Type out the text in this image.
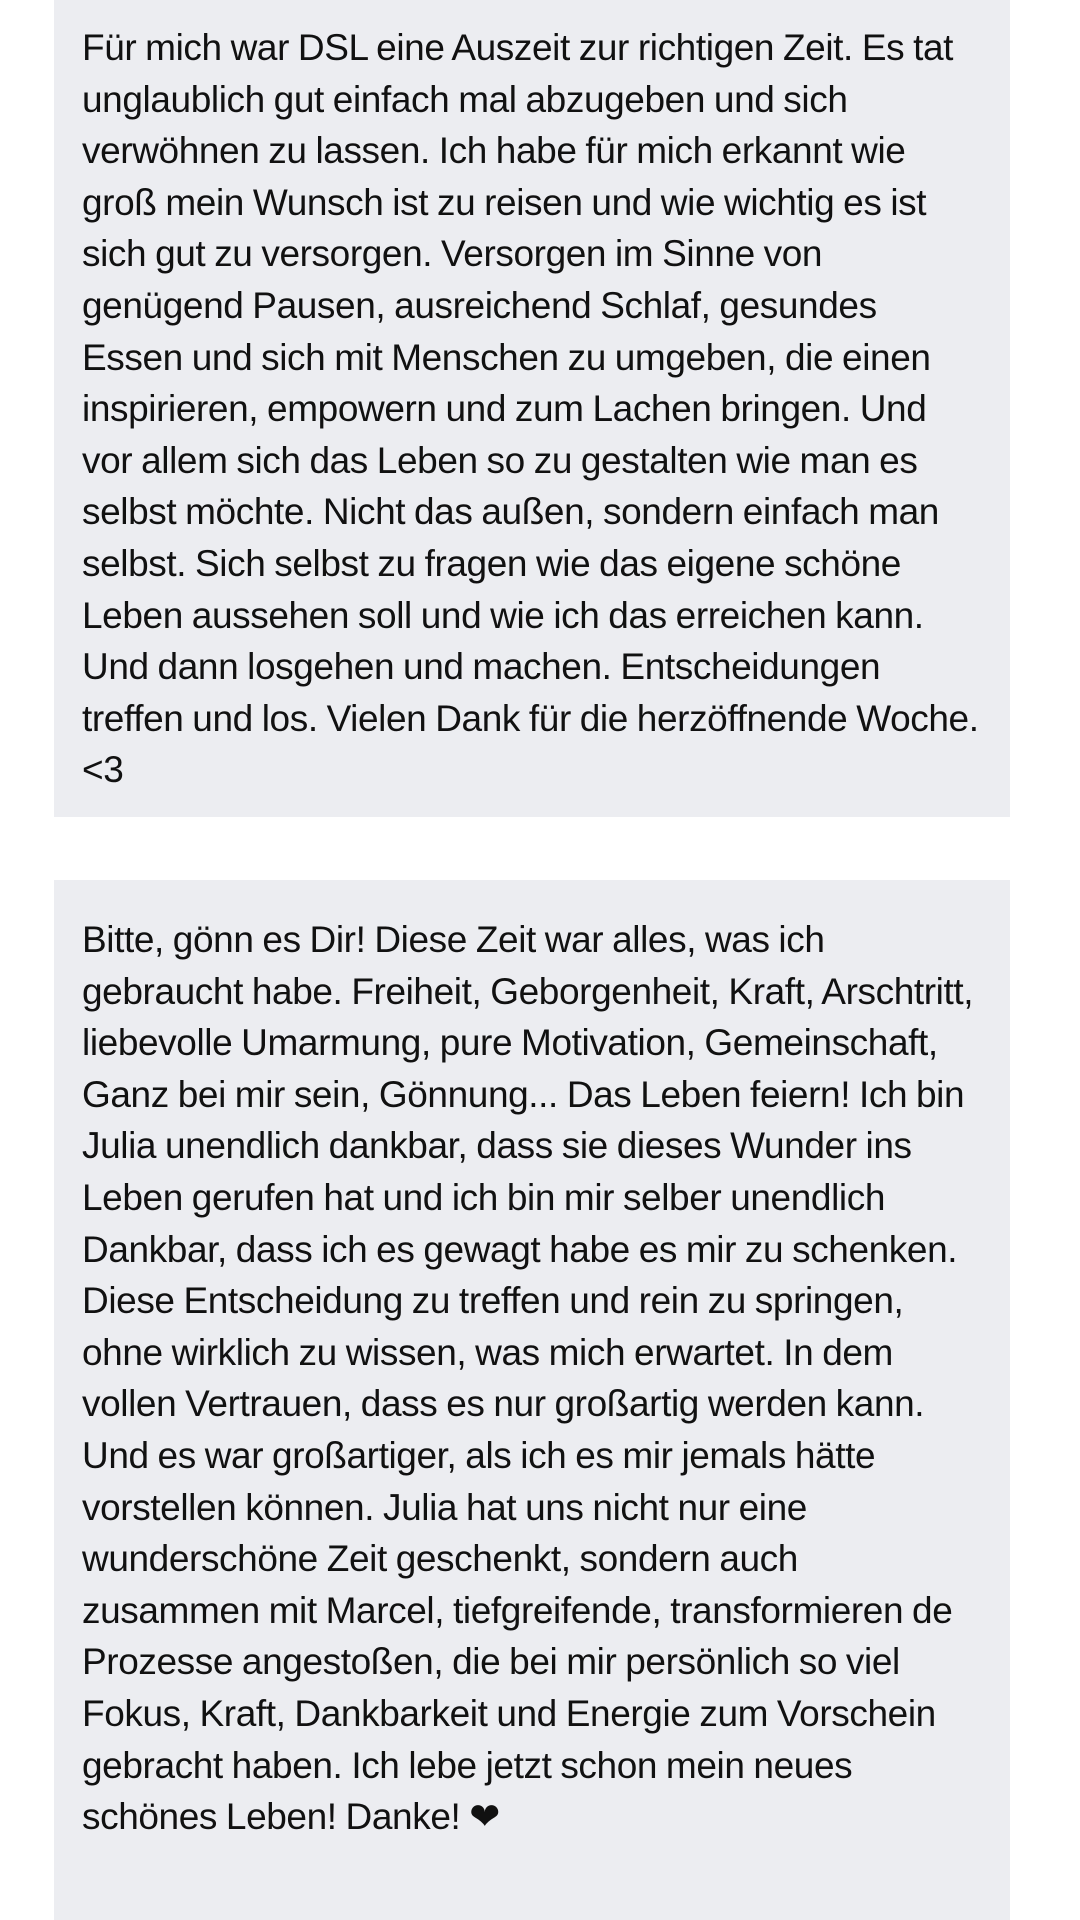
Für mich war DSL eine Auszeit zur richtigen Zeit. Es tat unglaublich gut einfach mal abzugeben und sich verwöhnen zu lassen. Ich habe für mich erkannt wie groß mein Wunsch ist zu reisen und wie wichtig es ist sich gut zu versorgen. Versorgen im Sinne von genügend Pausen, ausreichend Schlaf, gesundes Essen und sich mit Menschen zu umgeben, die einen inspirieren, empowern und zum Lachen bringen. Und vor allem sich das Leben so zu gestalten wie man es selbst möchte. Nicht das außen, sondern einfach man selbst. Sich selbst zu fragen wie das eigene schöne Leben aussehen soll und wie ich das erreichen kann. Und dann losgehen und machen. Entscheidungen treffen und los. Vielen Dank für die herzöffnende Woche. <3

Bitte, gönn es Dir! Diese Zeit war alles, was ich gebraucht habe. Freiheit, Geborgenheit, Kraft, Arschtritt, liebevolle Umarmung, pure Motivation, Gemeinschaft, Ganz bei mir sein, Gönnung... Das Leben feiern! Ich bin Julia unendlich dankbar, dass sie dieses Wunder ins Leben gerufen hat und ich bin mir selber unendlich Dankbar, dass ich es gewagt habe es mir zu schenken. Diese Entscheidung zu treffen und rein zu springen, ohne wirklich zu wissen, was mich erwartet. In dem vollen Vertrauen, dass es nur großartig werden kann. Und es war großartiger, als ich es mir jemals hätte vorstellen können. Julia hat uns nicht nur eine wunderschöne Zeit geschenkt, sondern auch zusammen mit Marcel, tiefgreifende, transformieren de Prozesse angestoßen, die bei mir persönlich so viel Fokus, Kraft, Dankbarkeit und Energie zum Vorschein gebracht haben. Ich lebe jetzt schon mein neues schönes Leben! Danke! ❤
